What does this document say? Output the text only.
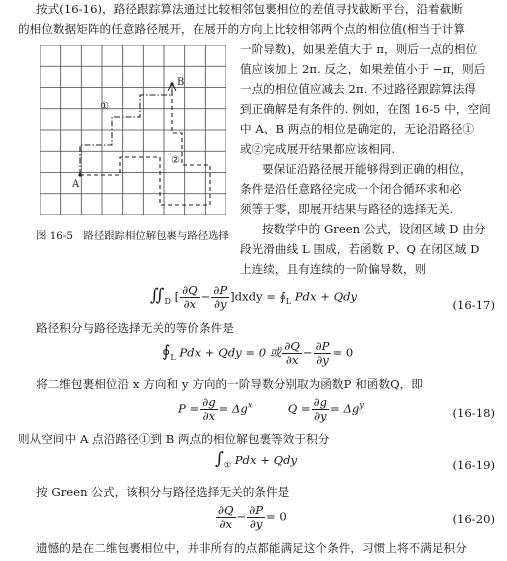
按式(16-16)，路径跟踪算法通过比较相邻包裹相位的差值寻找截断平台，沿着截断
的相位数据矩阵的任意路径展开，在展开的方向上比较相邻两个点的相位值(相当于计算
A
B
①
②
图 16-5　路径跟踪相位解包裹与路径选择
一阶导数)，如果差值大于 π，则后一点的相位
值应该加上 2π. 反之，如果差值小于 −π，则后
一点的相位值应减去 2π. 不过路径跟踪算法得
到正确解是有条件的. 例如，在图 16-5 中，空间
中 A、B 两点的相位是确定的，无论沿路径①
或②完成展开结果都应该相同.
要保证沿路径展开能够得到正确的相位，
条件是沿任意路径完成一个闭合循环求和必
须等于零，即展开结果与路径的选择无关.
按数学中的 Green 公式，设闭区域 D 由分
段光滑曲线 L 围成，若函数 P、Q 在闭区域 D
上连续，且有连续的一阶偏导数，则
$∬_D$ [ $\frac{\partial Q}{\partial x} - \frac{\partial P}{\partial y}$ ]dxdy = $∮_L$ Pdx + Qdy
(16-17)
路径积分与路径选择无关的等价条件是
$∮_L$ Pdx + Qdy = 0 或 $\frac{\partial Q}{\partial x} - \frac{\partial P}{\partial y} = 0$
将二维包裹相位沿 x 方向和 y 方向的一阶导数分别取为函数P 和函数Q，即
$P = \frac{\partial g}{\partial x} = \Delta g^x$	$Q = \frac{\partial g}{\partial y} = \Delta g^y$
(16-18)
则从空间中 A 点沿路径①到 B 两点的相位解包裹等效于积分
$\int_①$ Pdx + Qdy	(16-19)
按 Green 公式，该积分与路径选择无关的条件是
$\frac{\partial Q}{\partial x} - \frac{\partial P}{\partial y} = 0$	(16-20)
遗憾的是在二维包裹相位中，并非所有的点都能满足这个条件，习惯上将不满足积分
